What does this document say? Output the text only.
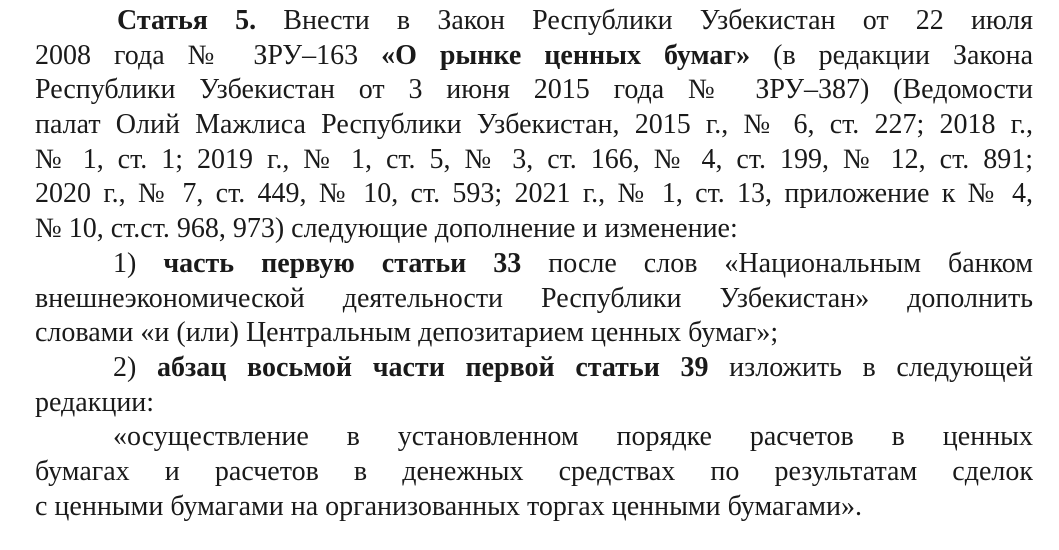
Статья 5. Внести в Закон Республики Узбекистан от 22 июля
2008 года № ЗРУ–163 «О рынке ценных бумаг» (в редакции Закона
Республики Узбекистан от 3 июня 2015 года № ЗРУ–387) (Ведомости
палат Олий Мажлиса Республики Узбекистан, 2015 г., № 6, ст. 227; 2018 г.,
№ 1, ст. 1; 2019 г., № 1, ст. 5, № 3, ст. 166, № 4, ст. 199, № 12, ст. 891;
2020 г., № 7, ст. 449, № 10, ст. 593; 2021 г., № 1, ст. 13, приложение к № 4,
№ 10, ст.ст. 968, 973) следующие дополнение и изменение:
1) часть первую статьи 33 после слов «Национальным банком
внешнеэкономической деятельности Республики Узбекистан» дополнить
словами «и (или) Центральным депозитарием ценных бумаг»;
2) абзац восьмой части первой статьи 39 изложить в следующей
редакции:
«осуществление в установленном порядке расчетов в ценных
бумагах и расчетов в денежных средствах по результатам сделок
с ценными бумагами на организованных торгах ценными бумагами».
